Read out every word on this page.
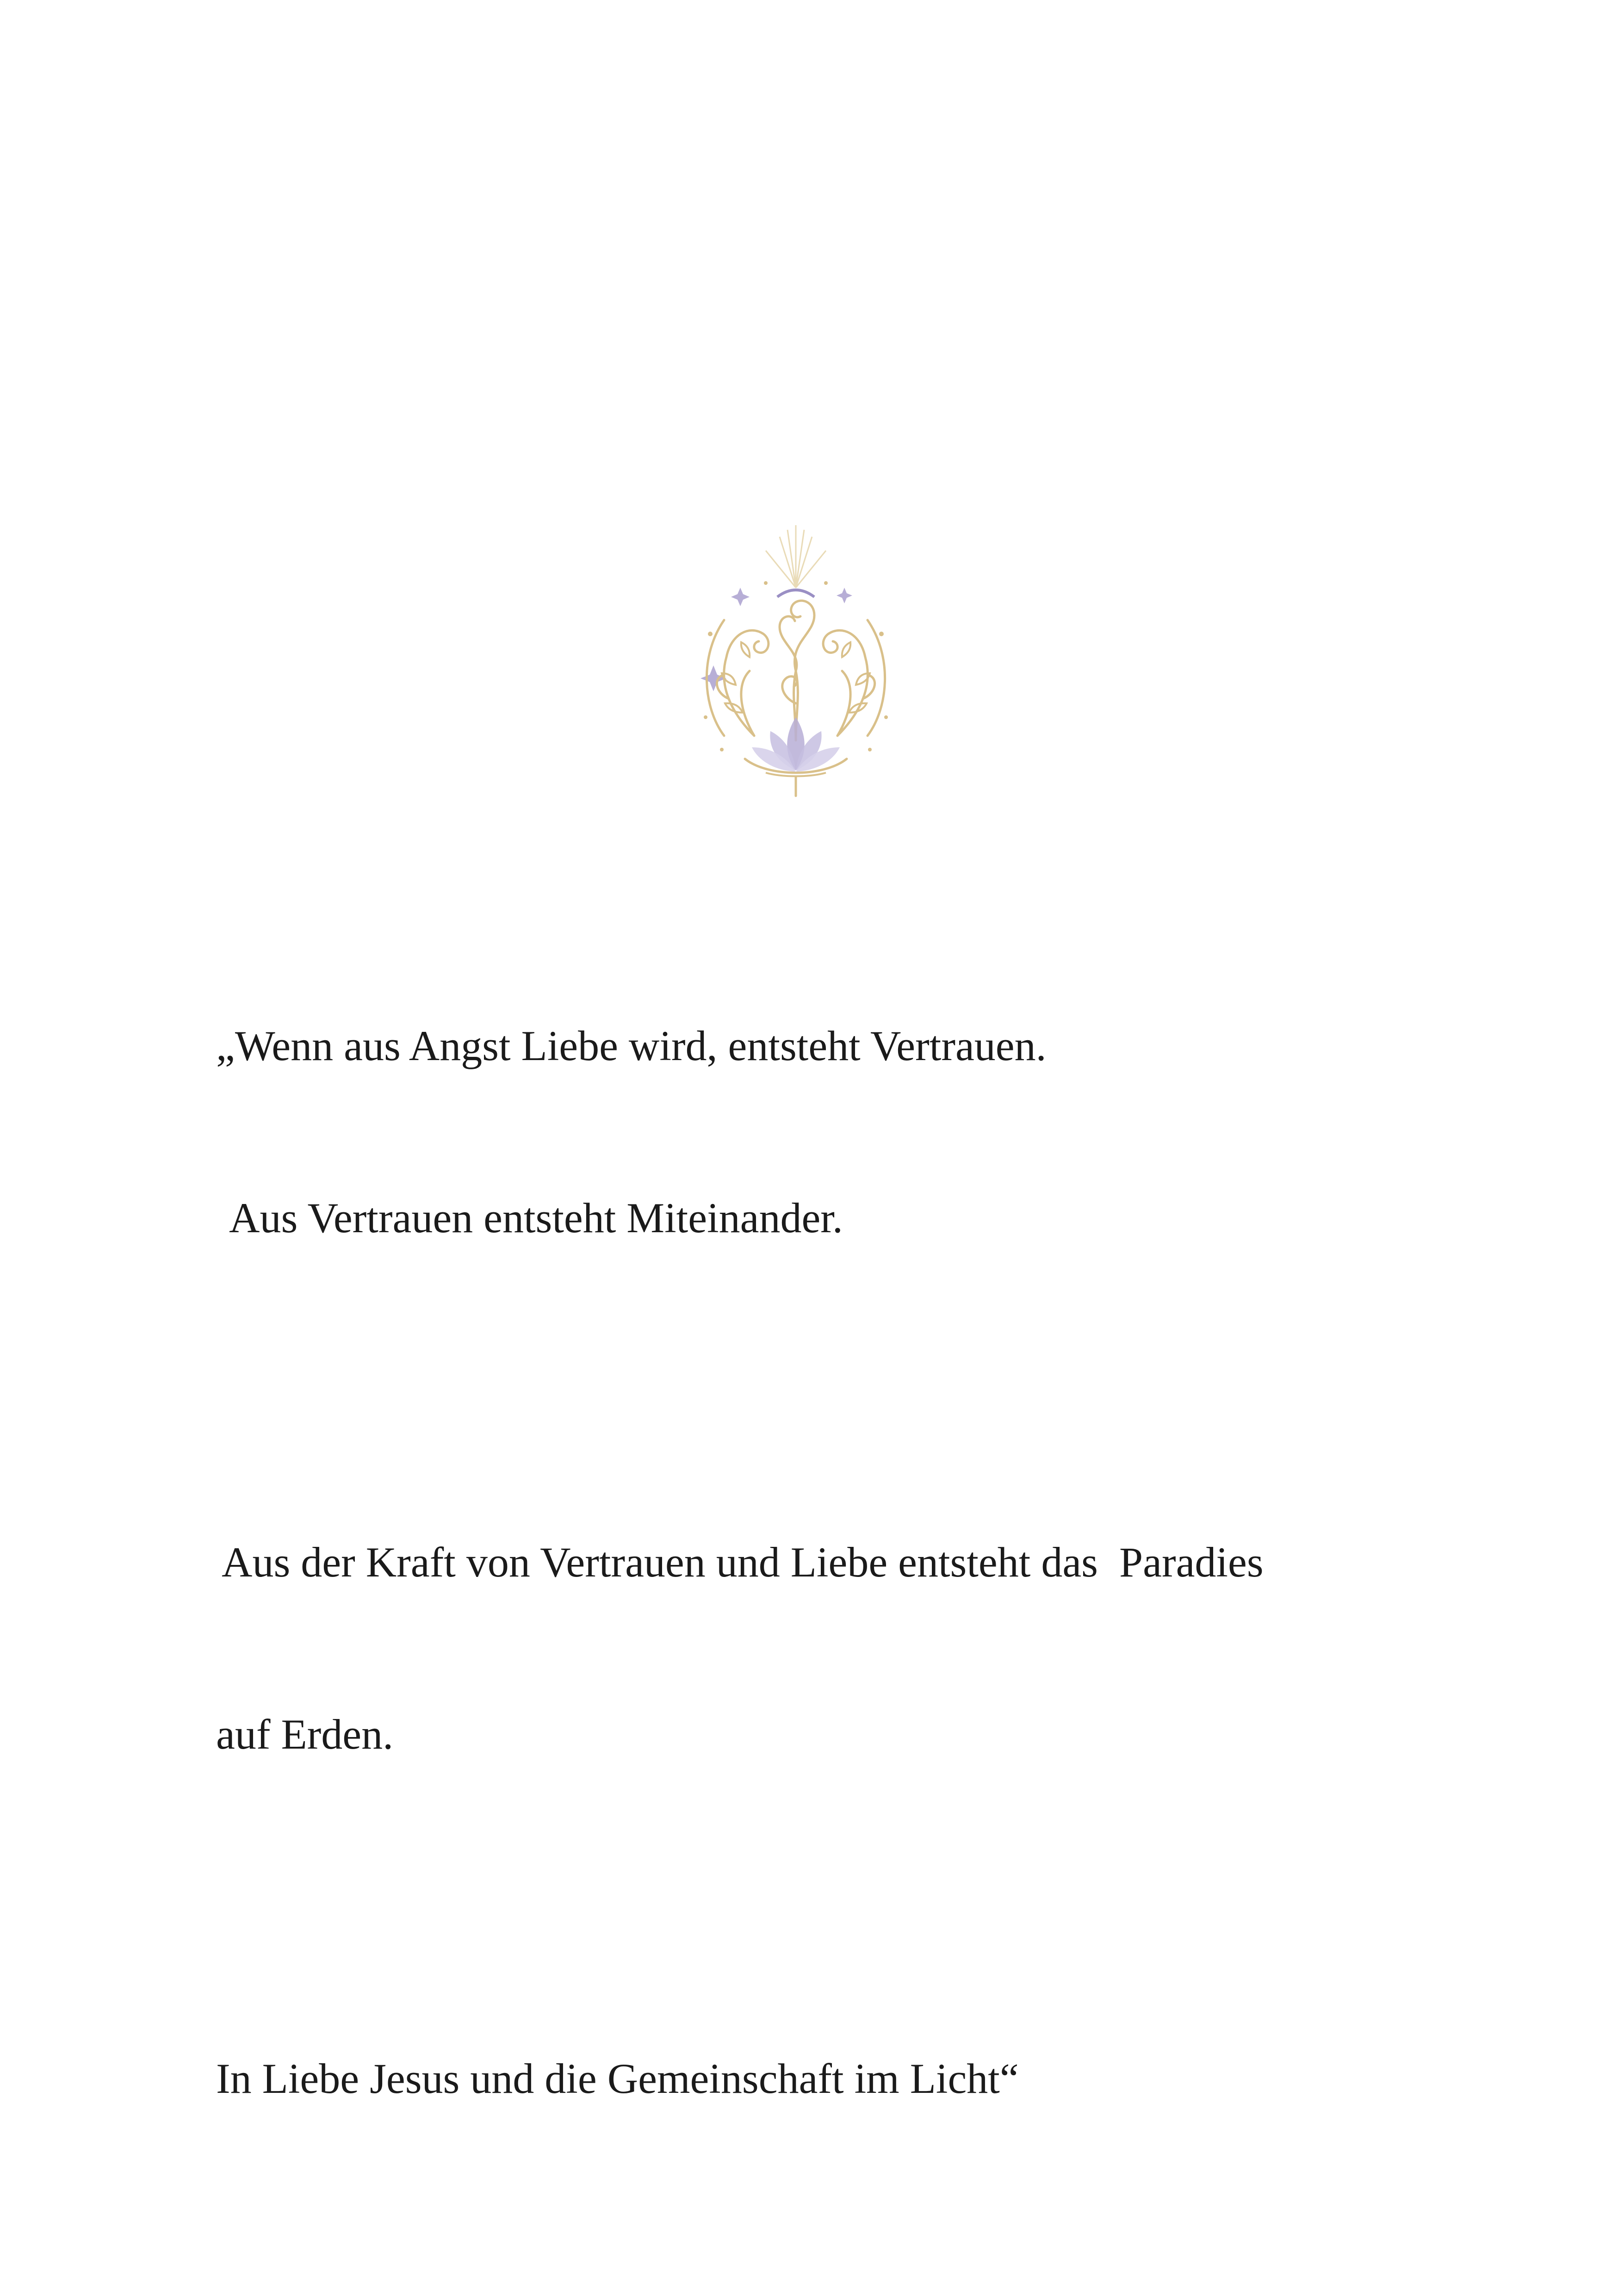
„Wenn aus Angst Liebe wird, entsteht Vertrauen.

Aus Vertrauen entsteht Miteinander.

Aus der Kraft von Vertrauen und Liebe entsteht das  Paradies

auf Erden.

In Liebe Jesus und die Gemeinschaft im Licht“
